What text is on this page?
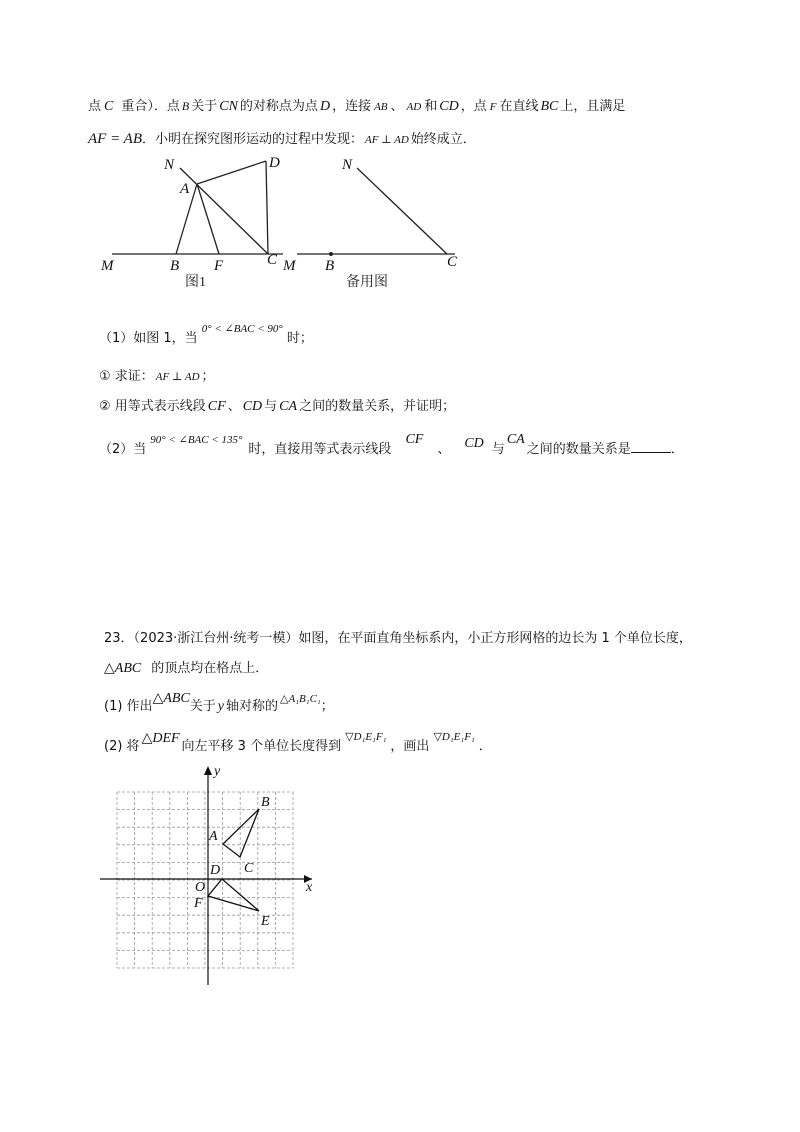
点 C 重合）．点 B 关于 CN 的对称点为点 D ，连接 AB 、 AD 和 CD ，点 F 在直线 BC 上，且满足
AF = AB．小明在探究图形运动的过程中发现： AF ⊥ AD 始终成立．
N	D
A
M	B F	C
图1
N
M B	C
备用图
（1）如图 1，当$^{0^\circ < \angle BAC < 90^\circ}$时；
① 求证： AF ⊥ AD ；
② 用等式表示线段 CF 、 CD 与 CA 之间的数量关系，并证明；
（2）当$^{90^\circ < \angle BAC < 135^\circ}$时，直接用等式表示线段CF、 CD 与CA之间的数量关系是	．
23．（2023·浙江台州·统考一模）如图，在平面直角坐标系内，小正方形网格的边长为 1 个单位长度，
△ABC 的顶点均在格点上．
(1) 作出△ABC关于 y 轴对称的 $^{\triangle A_1B_1C_1}$；
(2) 将△DEF向左平移 3 个单位长度得到$^{▽D_1E_1F_1}$，画出$^{▽D_1E_1F_1}$．
x
y
O
A
B
C
D
E
F
